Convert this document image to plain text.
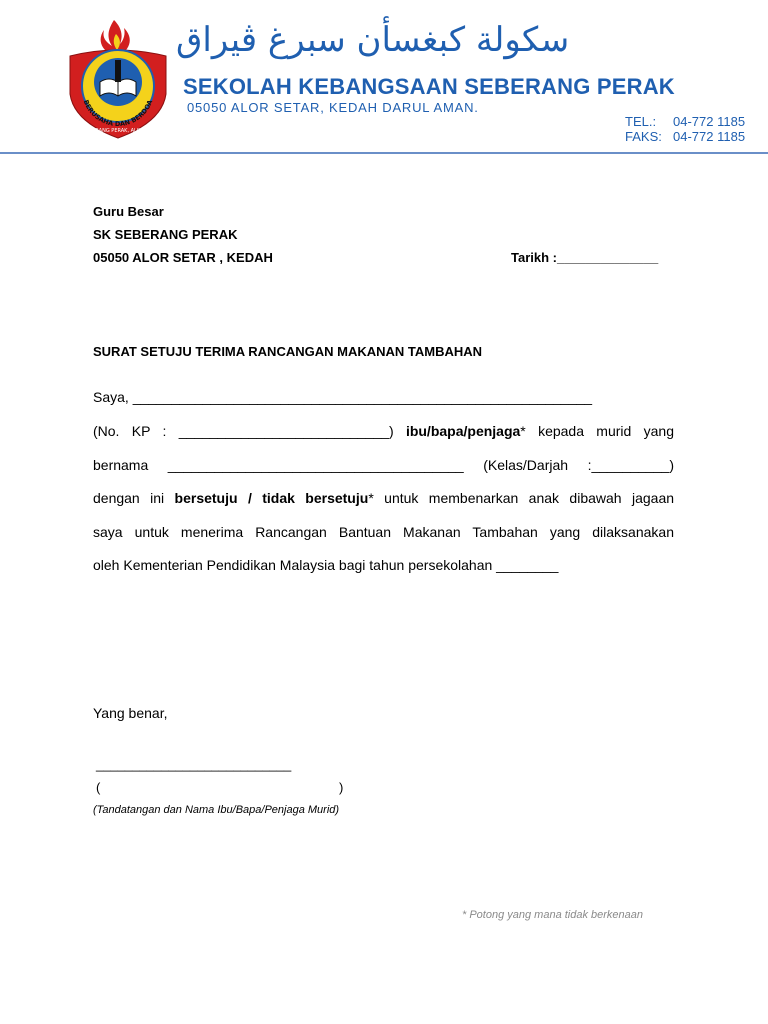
BERUSAHA DAN BERDOA
SK SEBERANG PERAK, ALOR SETAR
سكولة كبغسأن سبرغ ڤيراق
SEKOLAH KEBANGSAAN SEBERANG PERAK
05050 ALOR SETAR, KEDAH DARUL AMAN.
TEL.: 04-772 1185
FAKS: 04-772 1185
Guru Besar
SK SEBERANG PERAK
05050 ALOR SETAR , KEDAH	Tarikh :______________
SURAT SETUJU TERIMA RANCANGAN MAKANAN TAMBAHAN
Saya, ___________________________________________________________
(No. KP : ___________________________) ibu/bapa/penjaga* kepada murid yang
bernama ______________________________________ (Kelas/Darjah :__________)
dengan ini bersetuju / tidak bersetuju* untuk membenarkan anak dibawah jagaan
saya untuk menerima Rancangan Bantuan Makanan Tambahan yang dilaksanakan
oleh Kementerian Pendidikan Malaysia bagi tahun persekolahan ________
Yang benar,
___________________________
(	)
(Tandatangan dan Nama Ibu/Bapa/Penjaga Murid)
* Potong yang mana tidak berkenaan
